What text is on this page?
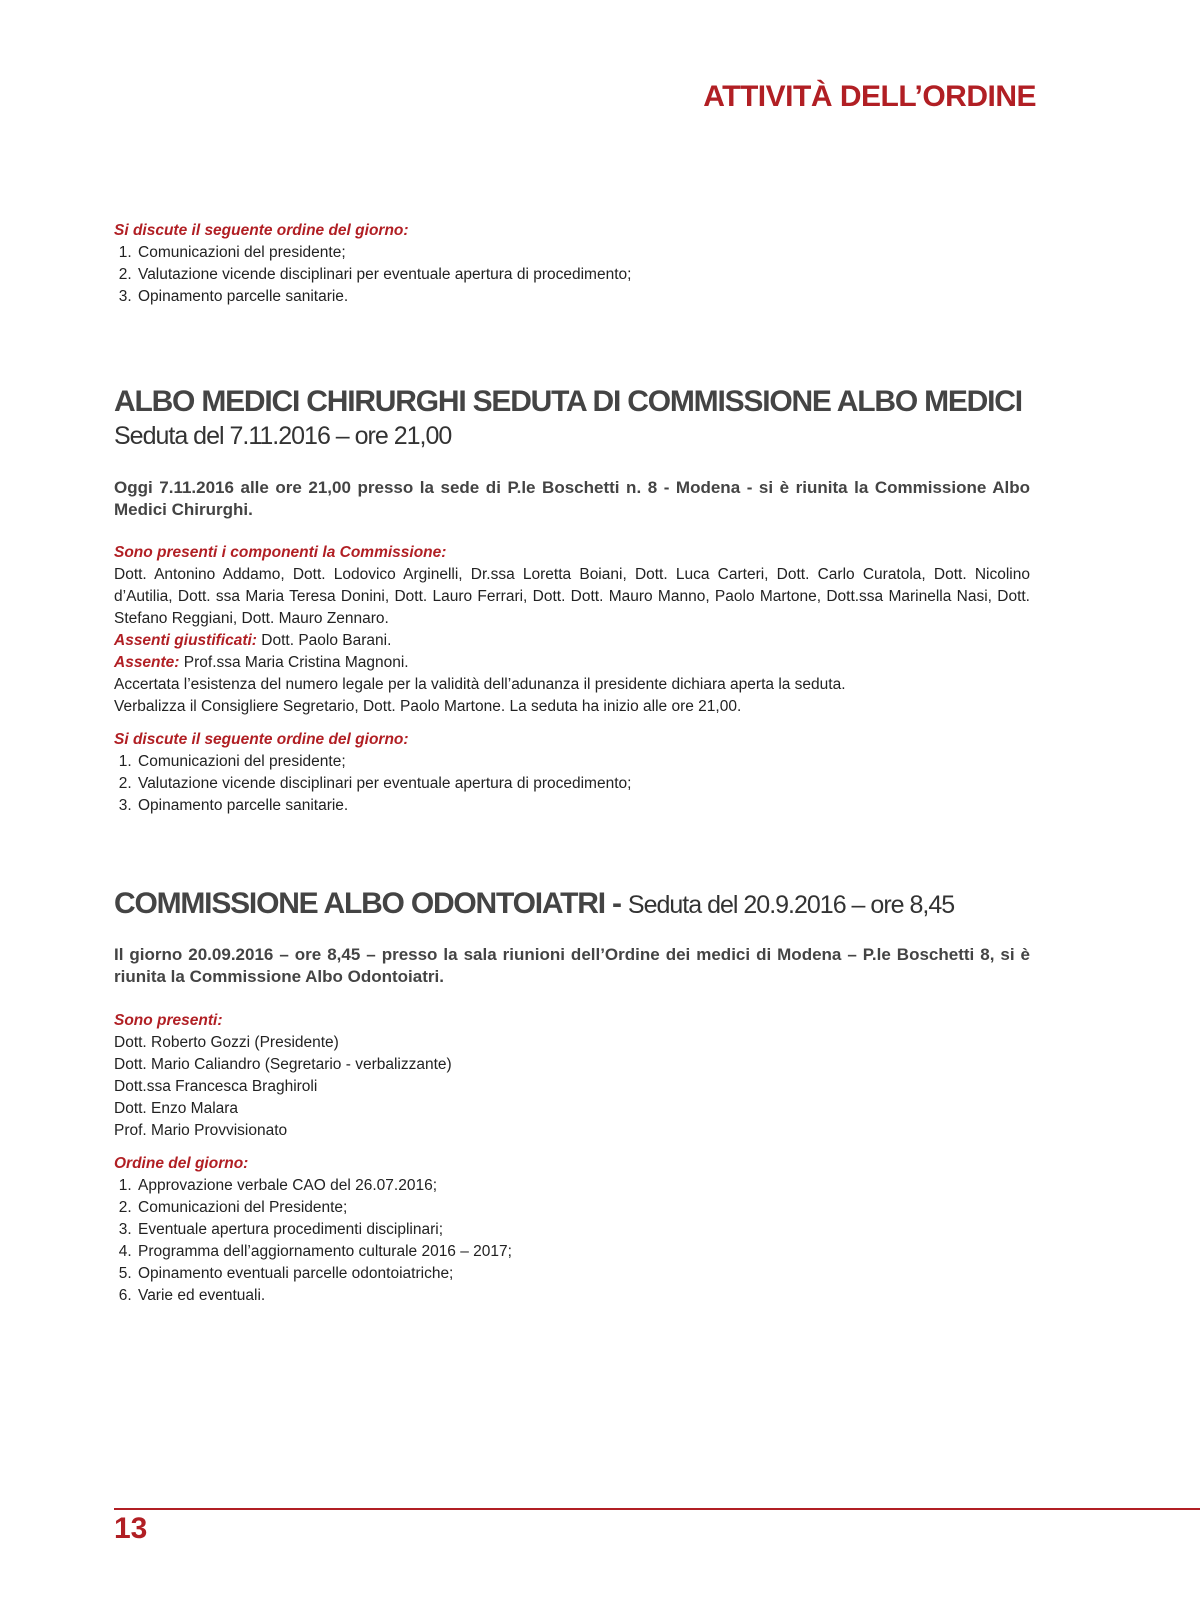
ATTIVITÀ DELL’ORDINE
Si discute il seguente ordine del giorno:
1. Comunicazioni del presidente;
2. Valutazione vicende disciplinari per eventuale apertura di procedimento;
3. Opinamento parcelle sanitarie.
ALBO MEDICI CHIRURGHI SEDUTA DI COMMISSIONE ALBO MEDICI
Seduta del 7.11.2016 – ore 21,00

Oggi 7.11.2016 alle ore 21,00 presso la sede di P.le Boschetti n. 8 - Modena - si è riunita la Commissione Albo Medici Chirurghi.

Sono presenti i componenti la Commissione:

Dott. Antonino Addamo, Dott. Lodovico Arginelli, Dr.ssa Loretta Boiani, Dott. Luca Carteri, Dott. Carlo Curatola, Dott. Nicolino d’Autilia, Dott. ssa Maria Teresa Donini, Dott. Lauro Ferrari, Dott. Dott. Mauro Manno, Paolo Martone, Dott.ssa Marinella Nasi, Dott. Stefano Reggiani, Dott. Mauro Zennaro.

Assenti giustificati: Dott. Paolo Barani.

Assente: Prof.ssa Maria Cristina Magnoni.

Accertata l’esistenza del numero legale per la validità dell’adunanza il presidente dichiara aperta la seduta.

Verbalizza il Consigliere Segretario, Dott. Paolo Martone. La seduta ha inizio alle ore 21,00.

Si discute il seguente ordine del giorno:
1. Comunicazioni del presidente;
2. Valutazione vicende disciplinari per eventuale apertura di procedimento;
3. Opinamento parcelle sanitarie.
COMMISSIONE ALBO ODONTOIATRI - Seduta del 20.9.2016 – ore 8,45

Il giorno 20.09.2016 – ore 8,45 – presso la sala riunioni dell’Ordine dei medici di Modena – P.le Boschetti 8, si è riunita la Commissione Albo Odontoiatri.

Sono presenti:

Dott. Roberto Gozzi (Presidente)

Dott. Mario Caliandro (Segretario - verbalizzante)

Dott.ssa Francesca Braghiroli

Dott. Enzo Malara

Prof. Mario Provvisionato

Ordine del giorno:
1. Approvazione verbale CAO del 26.07.2016;
2. Comunicazioni del Presidente;
3. Eventuale apertura procedimenti disciplinari;
4. Programma dell’aggiornamento culturale 2016 – 2017;
5. Opinamento eventuali parcelle odontoiatriche;
6. Varie ed eventuali.
13
